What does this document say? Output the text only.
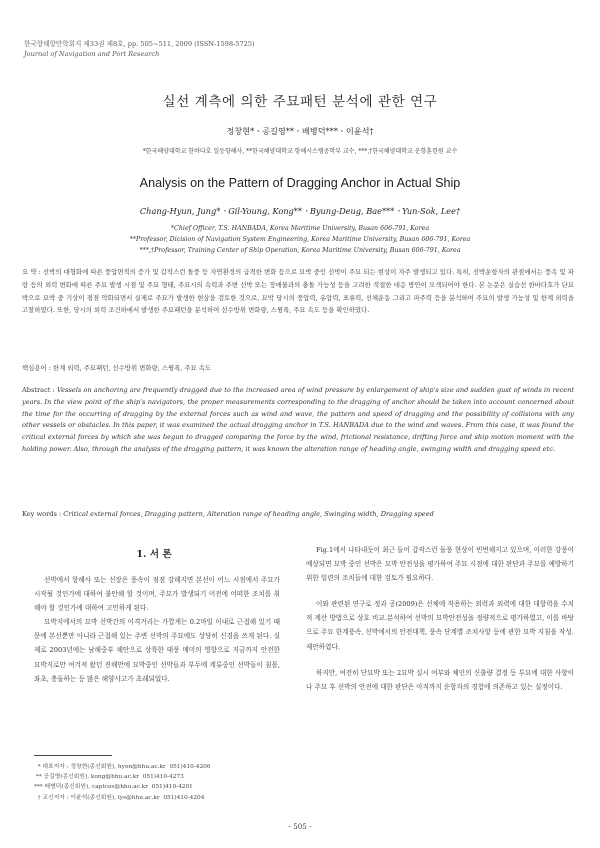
한국항해항만학회지 제33권 제8호, pp. 505~511, 2009 (ISSN-1598-5725)
Journal of Navigation and Port Research
실선 계측에 의한 주묘패턴 분석에 관한 연구
정창현*ㆍ공길영**ㆍ배병덕***ㆍ이윤석†
*한국해양대학교 한바다호 일등항해사, **한국해양대학교 항해시스템공학부 교수, ***,†한국해양대학교 운항훈련원 교수
Analysis on the Pattern of Dragging Anchor in Actual Ship
Chang-Hyun, Jung*ㆍGil-Young, Kong**ㆍByung-Deug, Bae***ㆍYun-Sok, Lee†
*Chief Officer, T.S. HANBADA, Korea Maritime University, Busan 606-791, Korea
**Professor, Dicision of Navigation System Engineering, Korea Maritime University, Busan 606-791, Korea
***,†Professor, Training Center of Ship Operation, Korea Maritime University, Busan 606-791, Korea
요 약 : 선박의 대형화에 따른 풍압면적의 증가 및 갑작스런 돌풍 등 자연환경의 급격한 변화 등으로 묘박 중인 선박이 주묘 되는 현상이 자주 발생되고 있다. 특히, 선박운항자의 관점에서는 풍속 및 파랑 등의 외력 변화에 따른 주묘 발생 시점 및 주묘 형태, 주묘시의 속력과 주변 선박 또는 장애물과의 충돌 가능성 등을 고려한 적절한 대응 방안이 모색되어야 한다. 본 논문은 실습선 한바다호가 단묘박으로 묘박 중 기상이 점점 악화되면서 실제로 주묘가 발생한 현상을 검토한 것으로, 묘박 당시의 풍압력, 유압력, 표류력, 선체운동 그리고 파주력 등을 분석하여 주묘의 발생 가능성 및 한계 외력을 고찰하였다. 또한, 당시의 외력 조건하에서 발생한 주묘패턴을 분석하여 선수방위 변화량, 스윙폭, 주묘 속도 등을 확인하였다.
핵심용어 : 한계 외력, 주묘패턴, 선수방위 변화량, 스윙폭, 주묘 속도
Abstract : Vessels on anchoring are frequently dragged due to the increased area of wind pressure by enlargement of ship's size and sudden gust of winds in recent years. In the view point of the ship's navigators, the proper measurements corresponding to the dragging of anchor should be taken into account concerned about the time for the occurring of dragging by the external forces such as wind and wave, the pattern and speed of dragging and the possibility of collisions with any other vessels or obstacles. In this paper, it was examined the actual dragging anchor in T.S. HANBADA due to the wind and waves. From this case, it was found the critical external forces by which she was begun to dragged comparing the force by the wind, frictional resistance, drifting force and ship motion moment with the holding power. Also, through the analysis of the dragging pattern, it was known the alteration range of heading angle, swinging width and dragging speed etc.
Key words : Critical external forces, Dragging pattern, Alteration range of heading angle, Swinging width, Dragging speed
1. 서 론

선박에서 항해사 또는 선장은 풍속이 점점 강해지면 본선이 어느 시점에서 주묘가 시작될 것인가에 대하여 불안해 할 것이며, 주묘가 발생되기 이전에 어떠한 조치를 취해야 할 것인가에 대하여 고민하게 된다.

묘박지에서의 묘박 선박간의 이격거리는 가깝게는 0.2마일 이내로 근접해 있기 때문에 본선뿐만 아니라 근접해 있는 주변 선박의 주묘에도 상당히 신경을 쓰게 된다. 실제로 2003년에는 남해중부 해안으로 상륙한 태풍 매미의 영향으로 지금까지 안전한 묘박지로만 여겨져 왔던 진해만에 묘박중인 선박들과 부두에 계류중인 선박들이 침몰, 좌초, 충돌하는 등 많은 해양사고가 초래되었다.

Fig.1에서 나타내듯이 최근 들어 갑작스런 돌풍 현상이 빈번해지고 있으며, 이러한 강풍이 예상되면 묘박 중인 선박은 묘박 안전성을 평가하여 주묘 시점에 대한 판단과 주묘를 예방하기 위한 일련의 조치들에 대한 검토가 필요하다.

이와 관련된 연구로 정과 공(2009)은 선체에 작용하는 외력과 외력에 대한 대항력을 수치적 계산 방법으로 상호 비교․분석하여 선박의 묘박안전성을 정량적으로 평가하였고, 이를 바탕으로 주묘 한계풍속, 선박에서의 안전대책, 풍속 단계별 조치사항 등에 관한 묘박 지침을 작성․제안하였다.

하지만, 여전히 단묘박 또는 2묘박 실시 여부와 체인의 신출량 결정 등 투묘에 대한 사항이나 주묘 후 선박의 안전에 대한 판단은 아직까지 운항자의 경험에 의존하고 있는 실정이다.

* 대표저자 : 정창현(종신회원), hyon@hhu.ac.kr  051)410-4206
** 공길영(종신회원), kong@hhu.ac.kr  051)410-4273
*** 배병덕(종신회원), captcos@hhu.ac.kr  051)410-4201
† 교신저자 : 이윤석(종신회원), lys@hhu.ac.kr  051)410-4204
- 505 -
